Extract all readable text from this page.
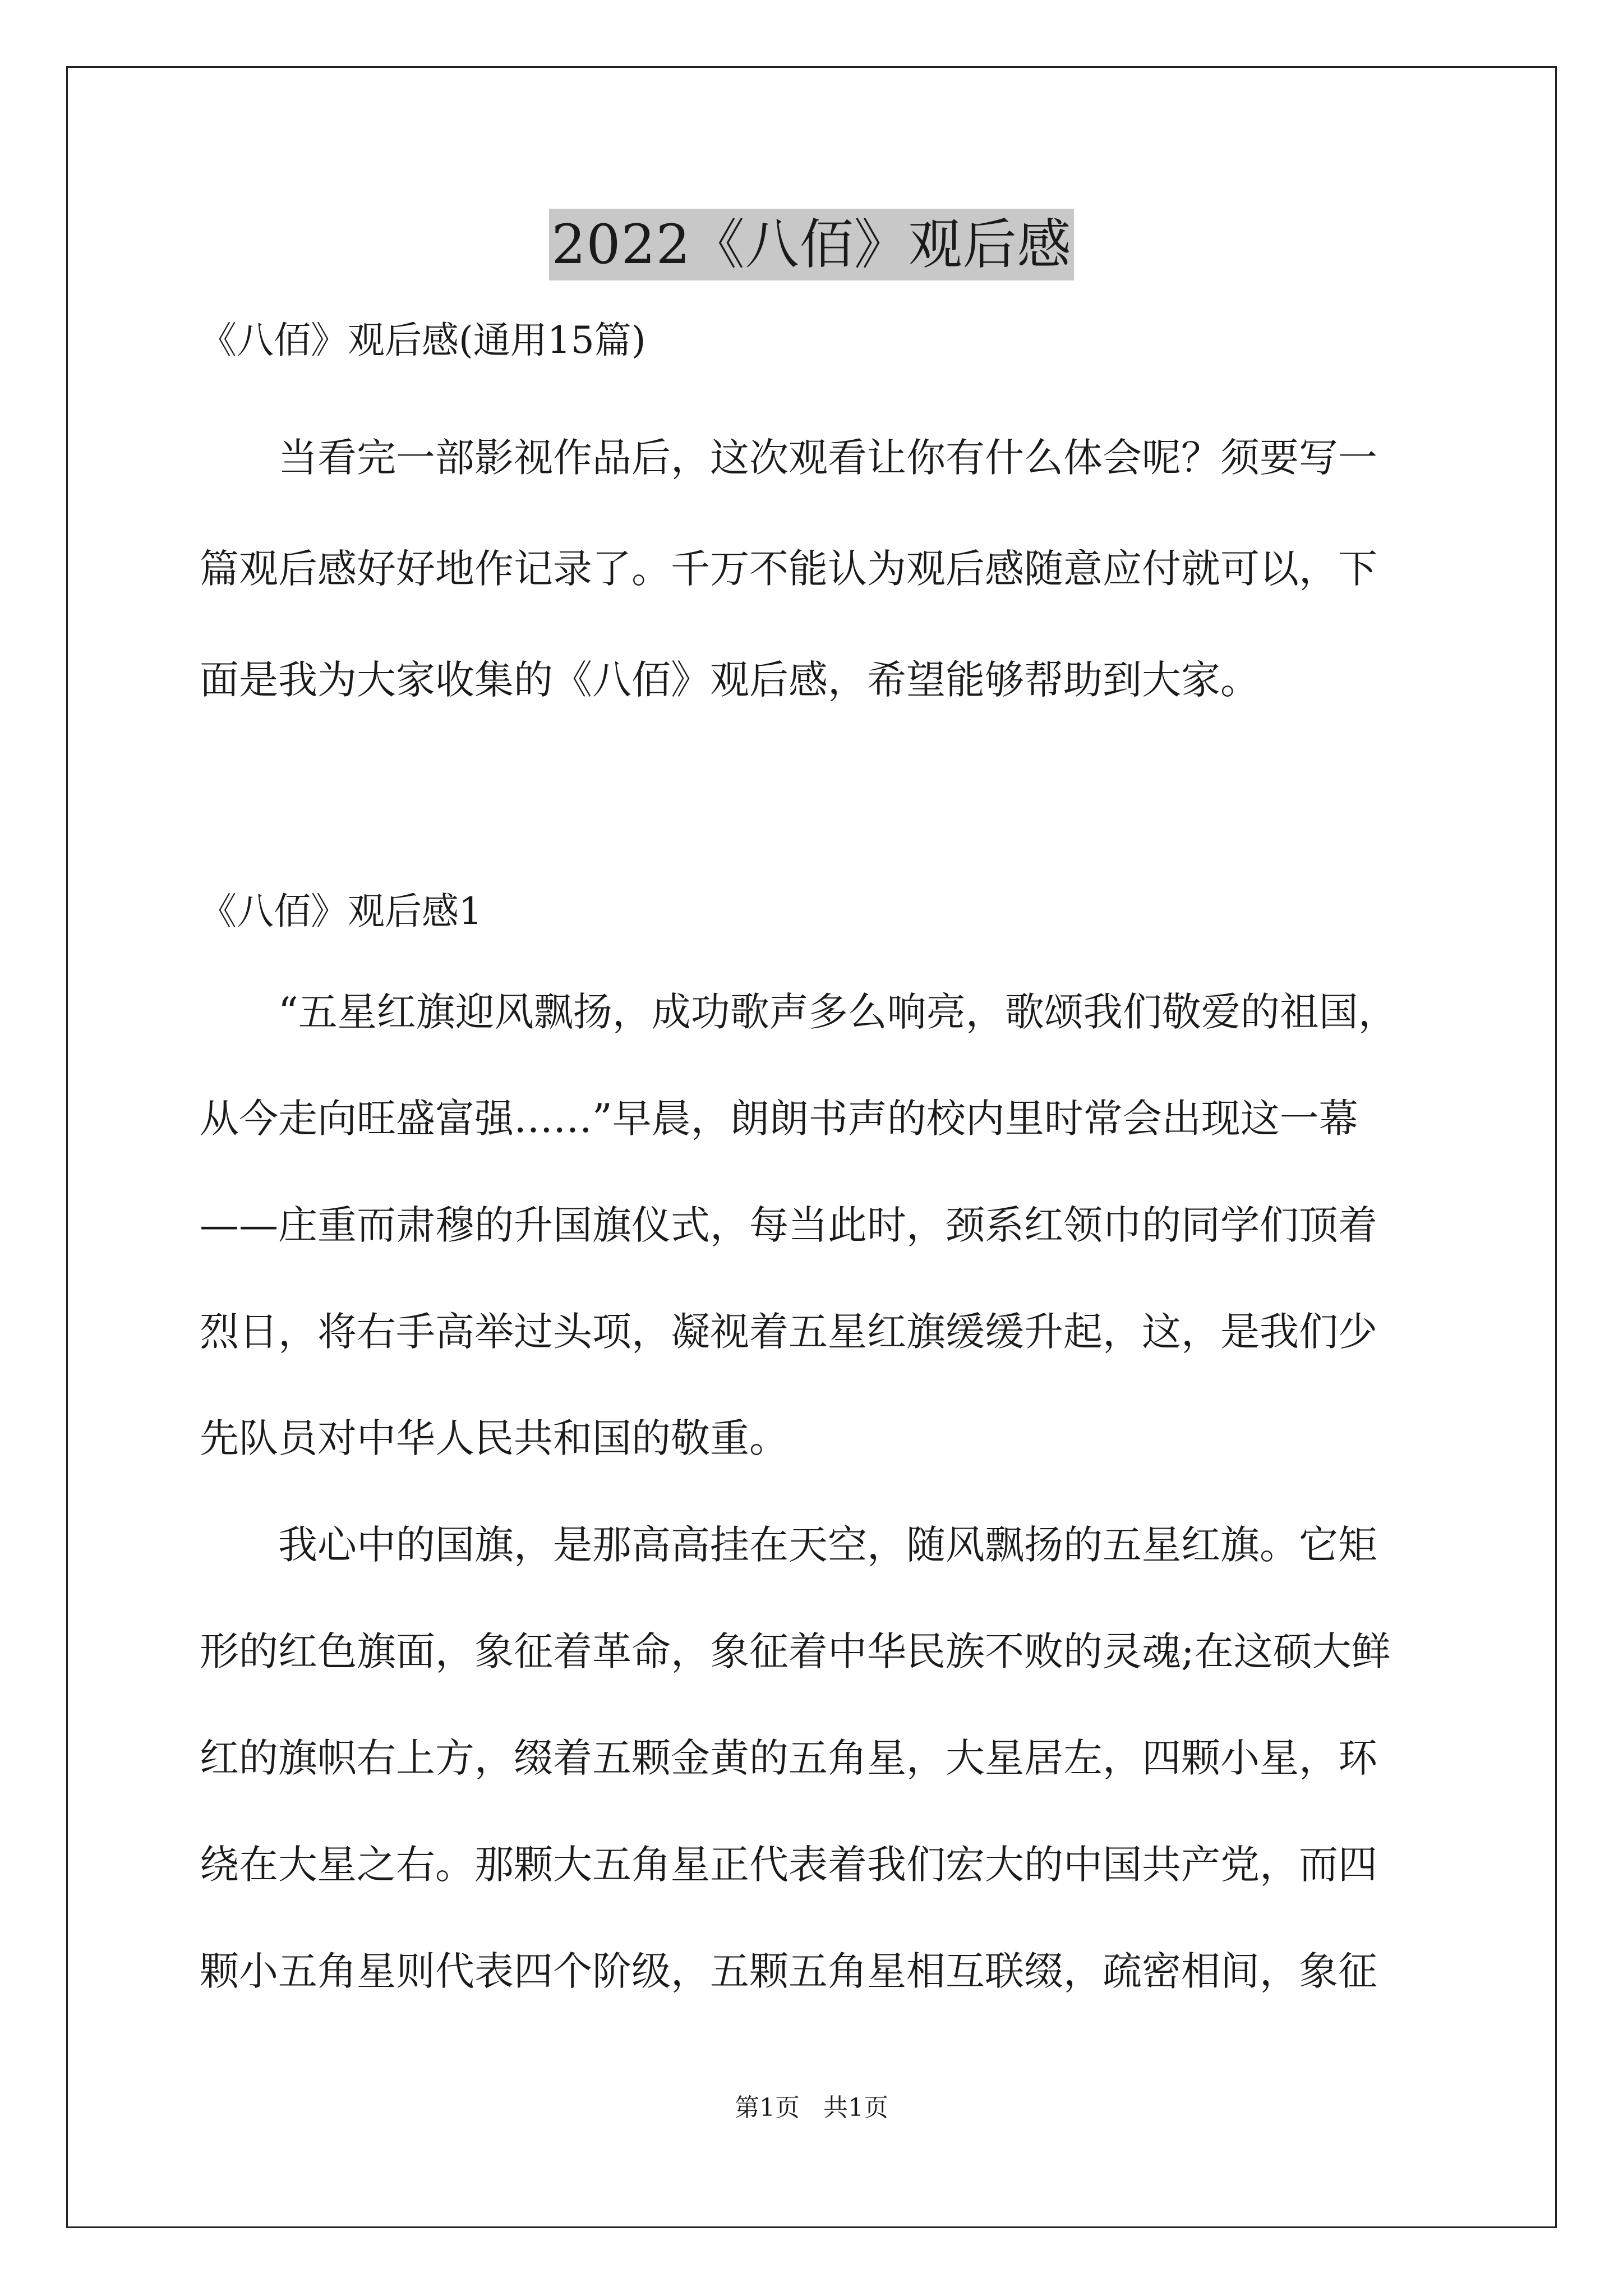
2022《八佰》观后感
《八佰》观后感(通用15篇)
当看完一部影视作品后，这次观看让你有什么体会呢？须要写一
篇观后感好好地作记录了。千万不能认为观后感随意应付就可以，下
面是我为大家收集的《八佰》观后感，希望能够帮助到大家。
《八佰》观后感1
“五星红旗迎风飘扬，成功歌声多么响亮，歌颂我们敬爱的祖国，
从今走向旺盛富强……”早晨，朗朗书声的校内里时常会出现这一幕
——庄重而肃穆的升国旗仪式，每当此时，颈系红领巾的同学们顶着
烈日，将右手高举过头项，凝视着五星红旗缓缓升起，这，是我们少
先队员对中华人民共和国的敬重。
我心中的国旗，是那高高挂在天空，随风飘扬的五星红旗。它矩
形的红色旗面，象征着革命，象征着中华民族不败的灵魂;在这硕大鲜
红的旗帜右上方，缀着五颗金黄的五角星，大星居左，四颗小星，环
绕在大星之右。那颗大五角星正代表着我们宏大的中国共产党，而四
颗小五角星则代表四个阶级，五颗五角星相互联缀，疏密相间，象征
第1页   共1页
